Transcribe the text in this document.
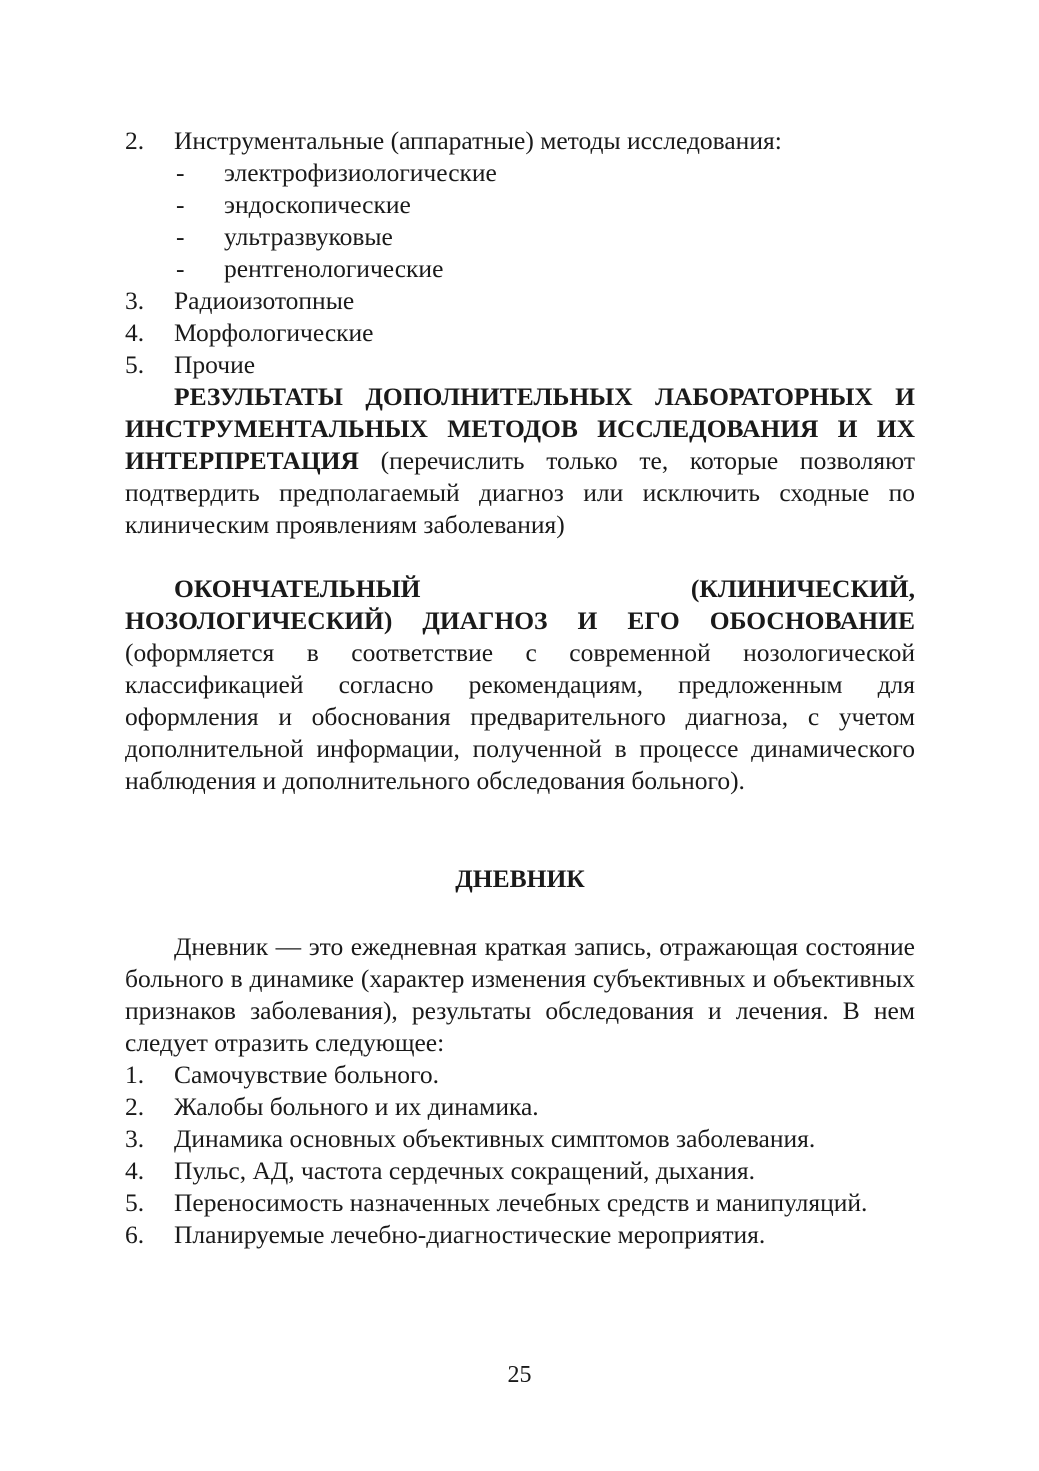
2. Инструментальные (аппаратные) методы исследования:
- электрофизиологические
- эндоскопические
- ультразвуковые
- рентгенологические
3. Радиоизотопные
4. Морфологические
5. Прочие

РЕЗУЛЬТАТЫ ДОПОЛНИТЕЛЬНЫХ ЛАБОРАТОРНЫХ И ИНСТРУМЕНТАЛЬНЫХ МЕТОДОВ ИССЛЕДОВАНИЯ И ИХ ИНТЕРПРЕТАЦИЯ (перечислить только те, которые позволяют подтвердить предполагаемый диагноз или исключить сходные по клиническим проявлениям заболевания)

ОКОНЧАТЕЛЬНЫЙ (КЛИНИЧЕСКИЙ, НОЗОЛОГИЧЕСКИЙ) ДИАГНОЗ И ЕГО ОБОСНОВАНИЕ (оформляется в соответствие с современной нозологической классификацией согласно рекомендациям, предложенным для оформления и обоснования предварительного диагноза, с учетом дополнительной информации, полученной в процессе динамического наблюдения и дополнительного обследования больного).

ДНЕВНИК

Дневник — это ежедневная краткая запись, отражающая состояние больного в динамике (характер изменения субъективных и объективных признаков заболевания), результаты обследования и лечения. В нем следует отразить следующее:

1. Самочувствие больного.
2. Жалобы больного и их динамика.
3. Динамика основных объективных симптомов заболевания.
4. Пульс, АД, частота сердечных сокращений, дыхания.
5. Переносимость назначенных лечебных средств и манипуляций.
6. Планируемые лечебно-диагностические мероприятия.
25
